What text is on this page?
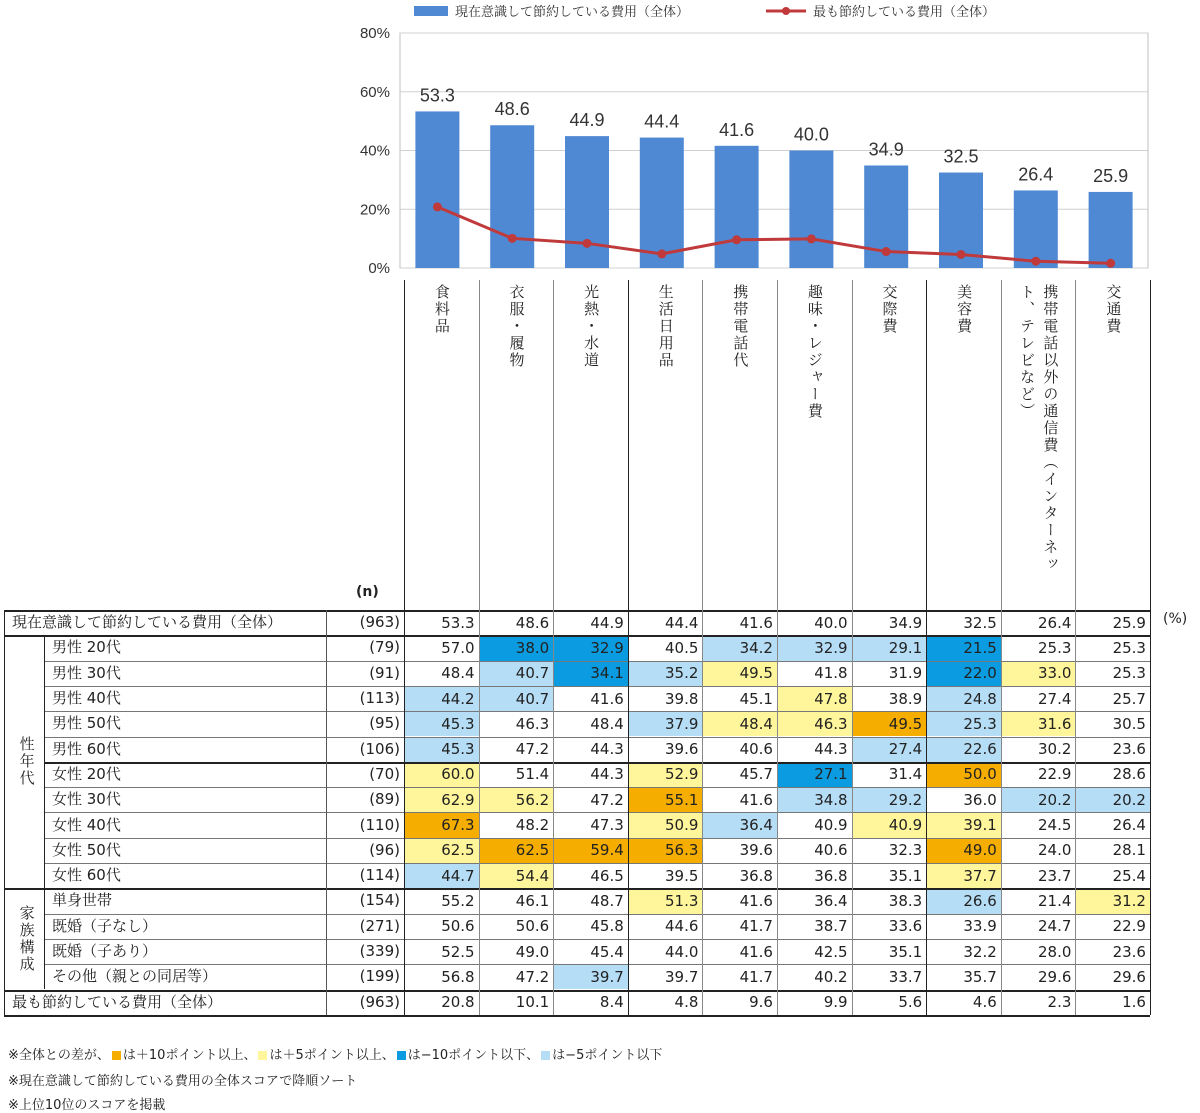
0%
20%
40%
60%
80%
53.3
48.6
44.9 44.4 41.6 40.0
34.9 32.5
26.4 25.9
現在意識して節約している費用（全体）	最も節約している費用（全体）
食料品	衣服・履物	光熱・水道	生活日用品	携帯電話代	趣味・レジャー費	交際費	美容費	携帯電話以外の通信費（インターネット、テレビなど）	交通費
(n)
(%)
現在意識して節約している費用（全体）	(963)	53.3	48.6	44.9	44.4	41.6	40.0	34.9	32.5	26.4	25.9
男性 20代	(79)	57.0	38.0	32.9	40.5	34.2	32.9	29.1	21.5	25.3	25.3
男性 30代	(91)	48.4	40.7	34.1	35.2	49.5	41.8	31.9	22.0	33.0	25.3
男性 40代	(113)	44.2	40.7	41.6	39.8	45.1	47.8	38.9	24.8	27.4	25.7
男性 50代	(95)	45.3	46.3	48.4	37.9	48.4	46.3	49.5	25.3	31.6	30.5
男性 60代	(106)	45.3	47.2	44.3	39.6	40.6	44.3	27.4	22.6	30.2	23.6
女性 20代	(70)	60.0	51.4	44.3	52.9	45.7	27.1	31.4	50.0	22.9	28.6
女性 30代	(89)	62.9	56.2	47.2	55.1	41.6	34.8	29.2	36.0	20.2	20.2
女性 40代	(110)	67.3	48.2	47.3	50.9	36.4	40.9	40.9	39.1	24.5	26.4
女性 50代	(96)	62.5	62.5	59.4	56.3	39.6	40.6	32.3	49.0	24.0	28.1
女性 60代	(114)	44.7	54.4	46.5	39.5	36.8	36.8	35.1	37.7	23.7	25.4
単身世帯	(154)	55.2	46.1	48.7	51.3	41.6	36.4	38.3	26.6	21.4	31.2
既婚（子なし）	(271)	50.6	50.6	45.8	44.6	41.7	38.7	33.6	33.9	24.7	22.9
既婚（子あり）	(339)	52.5	49.0	45.4	44.0	41.6	42.5	35.1	32.2	28.0	23.6
その他（親との同居等）	(199)	56.8	47.2	39.7	39.7	41.7	40.2	33.7	35.7	29.6	29.6
最も節約している費用（全体）	(963)	20.8	10.1	8.4	4.8	9.6	9.9	5.6	4.6	2.3	1.6
性年代
家族構成
※全体との差が、 は＋10ポイント以上、 は＋5ポイント以上、 は−10ポイント以下、 は−5ポイント以下
※現在意識して節約している費用の全体スコアで降順ソート
※上位10位のスコアを掲載
